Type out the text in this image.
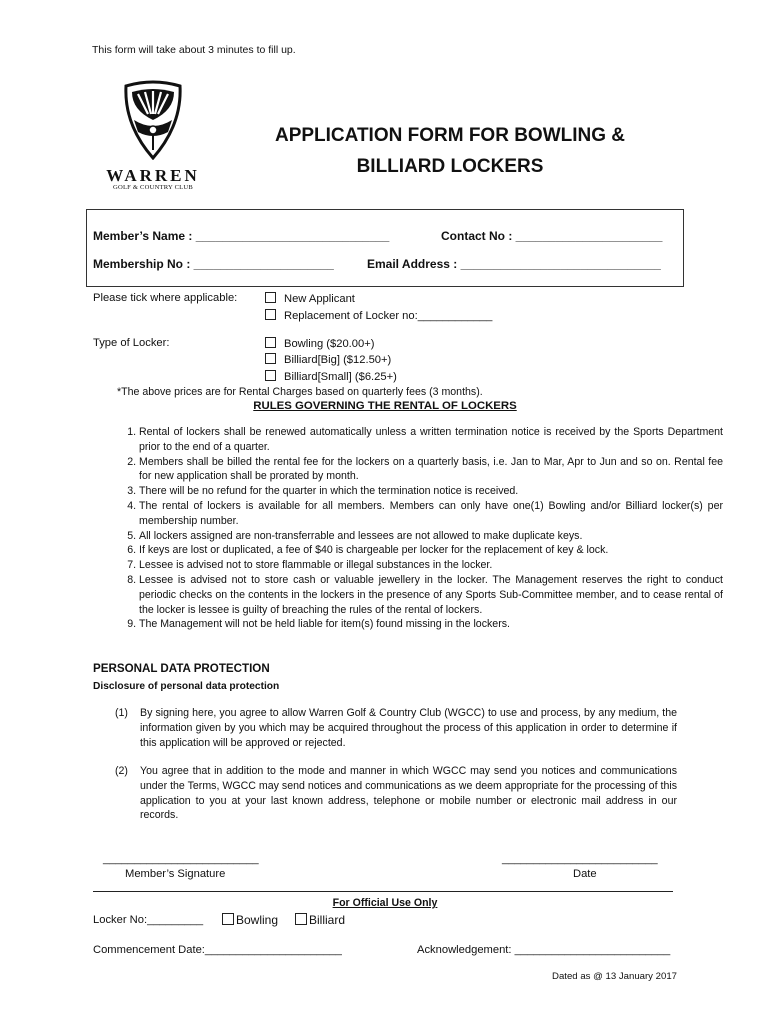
This form will take about 3 minutes to fill up.
WARREN
GOLF & COUNTRY CLUB
APPLICATION FORM FOR BOWLING &
BILLIARD LOCKERS
Member’s Name : _____________________________	Contact No : ______________________
Membership No : _____________________	Email Address : ______________________________
Please tick where applicable:	New Applicant
Replacement of Locker no:____________
Type of Locker:	Bowling ($20.00+)
Billiard[Big] ($12.50+)
Billiard[Small] ($6.25+)
*The above prices are for Rental Charges based on quarterly fees (3 months).
RULES GOVERNING THE RENTAL OF LOCKERS
1. Rental of lockers shall be renewed automatically unless a written termination notice is received by the Sports Department prior to the end of a quarter.
2. Members shall be billed the rental fee for the lockers on a quarterly basis, i.e. Jan to Mar, Apr to Jun and so on. Rental fee for new application shall be prorated by month.
3. There will be no refund for the quarter in which the termination notice is received.
4. The rental of lockers is available for all members. Members can only have one(1) Bowling and/or Billiard locker(s) per membership number.
5. All lockers assigned are non-transferrable and lessees are not allowed to make duplicate keys.
6. If keys are lost or duplicated, a fee of $40 is chargeable per locker for the replacement of key & lock.
7. Lessee is advised not to store flammable or illegal substances in the locker.
8. Lessee is advised not to store cash or valuable jewellery in the locker. The Management reserves the right to conduct periodic checks on the contents in the lockers in the presence of any Sports Sub-Committee member, and to cease rental of the locker is lessee is guilty of breaching the rules of the rental of lockers.
9. The Management will not be held liable for item(s) found missing in the lockers.
PERSONAL DATA PROTECTION
Disclosure of personal data protection
(1) By signing here, you agree to allow Warren Golf & Country Club (WGCC) to use and process, by any medium, the information given by you which may be acquired throughout the process of this application in order to determine if this application will be approved or rejected.
(2) You agree that in addition to the mode and manner in which WGCC may send you notices and communications under the Terms, WGCC may send notices and communications as we deem appropriate for the processing of this application to you at your last known address, telephone or mobile number or electronic mail address in our records.
_________________________
Member’s Signature
_________________________
Date
For Official Use Only
Locker No:_________	Bowling	Billiard
Commencement Date:______________________	Acknowledgement: _________________________
Dated as @ 13 January 2017
